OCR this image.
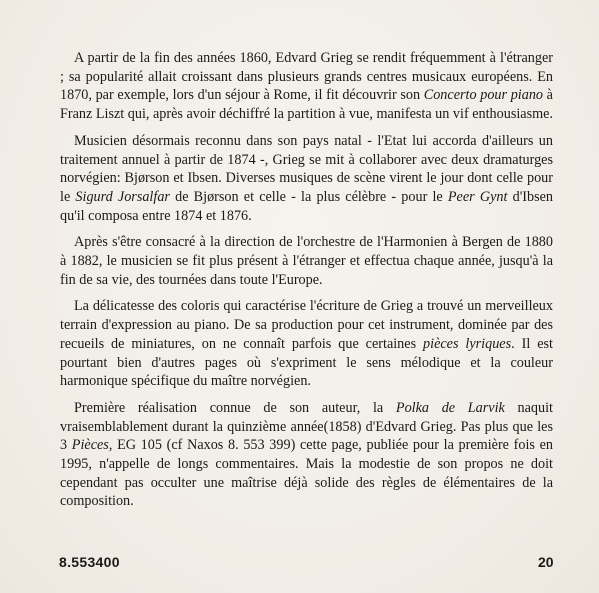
A partir de la fin des années 1860, Edvard Grieg se rendit fréquemment à l'étranger ; sa popularité allait croissant dans plusieurs grands centres musicaux européens. En 1870, par exemple, lors d'un séjour à Rome, il fit découvrir son Concerto pour piano à Franz Liszt qui, après avoir déchiffré la partition à vue, manifesta un vif enthousiasme.

Musicien désormais reconnu dans son pays natal - l'Etat lui accorda d'ailleurs un traitement annuel à partir de 1874 -, Grieg se mit à collaborer avec deux dramaturges norvégien: Bjørson et Ibsen. Diverses musiques de scène virent le jour dont celle pour le Sigurd Jorsalfar de Bjørson et celle - la plus célèbre - pour le Peer Gynt d'Ibsen qu'il composa entre 1874 et 1876.

Après s'être consacré à la direction de l'orchestre de l'Harmonien à Bergen de 1880 à 1882, le musicien se fit plus présent à l'étranger et effectua chaque année, jusqu'à la fin de sa vie, des tournées dans toute l'Europe.

La délicatesse des coloris qui caractérise l'écriture de Grieg a trouvé un merveilleux terrain d'expression au piano. De sa production pour cet instrument, dominée par des recueils de miniatures, on ne connaît parfois que certaines pièces lyriques. Il est pourtant bien d'autres pages où s'expriment le sens mélodique et la couleur harmonique spécifique du maître norvégien.

Première réalisation connue de son auteur, la Polka de Larvik naquit vraisemblablement durant la quinzième année(1858) d'Edvard Grieg. Pas plus que les 3 Pièces, EG 105 (cf Naxos 8. 553 399) cette page, publiée pour la première fois en 1995, n'appelle de longs commentaires. Mais la modestie de son propos ne doit cependant pas occulter une maîtrise déjà solide des règles de élémentaires de la composition.

8.553400	20
